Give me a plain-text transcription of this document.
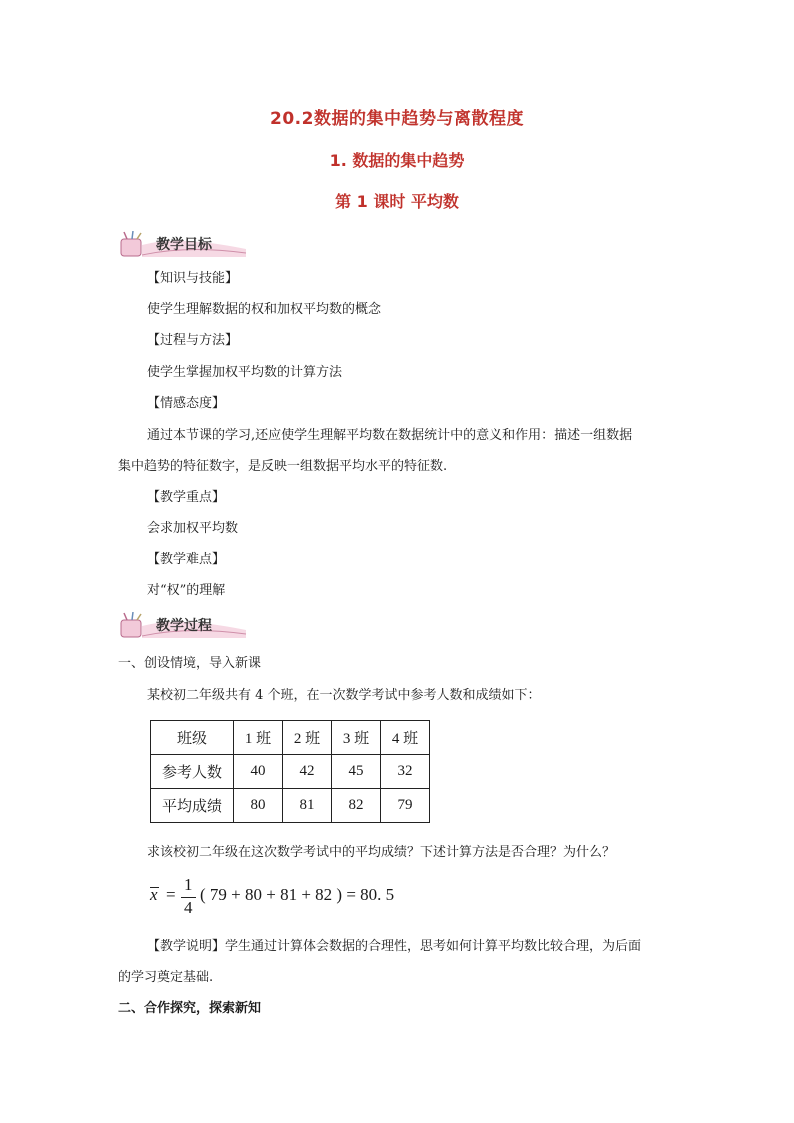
20.2数据的集中趋势与离散程度
1. 数据的集中趋势
第 1 课时 平均数
教学目标
【知识与技能】
使学生理解数据的权和加权平均数的概念
【过程与方法】
使学生掌握加权平均数的计算方法
【情感态度】
通过本节课的学习,还应使学生理解平均数在数据统计中的意义和作用：描述一组数据
集中趋势的特征数字，是反映一组数据平均水平的特征数.
【教学重点】
会求加权平均数
【教学难点】
对“权”的理解
教学过程
一、创设情境，导入新课
某校初二年级共有 4 个班，在一次数学考试中参考人数和成绩如下：
班级	1 班	2 班	3 班	4 班
参考人数	40	42	45	32
平均成绩	80	81	82	79
求该校初二年级在这次数学考试中的平均成绩？下述计算方法是否合理？为什么？
x =
1
4
( 79 + 80 + 81 + 82 ) = 80. 5
【教学说明】学生通过计算体会数据的合理性，思考如何计算平均数比较合理，为后面
的学习奠定基础.
二、合作探究，探索新知
